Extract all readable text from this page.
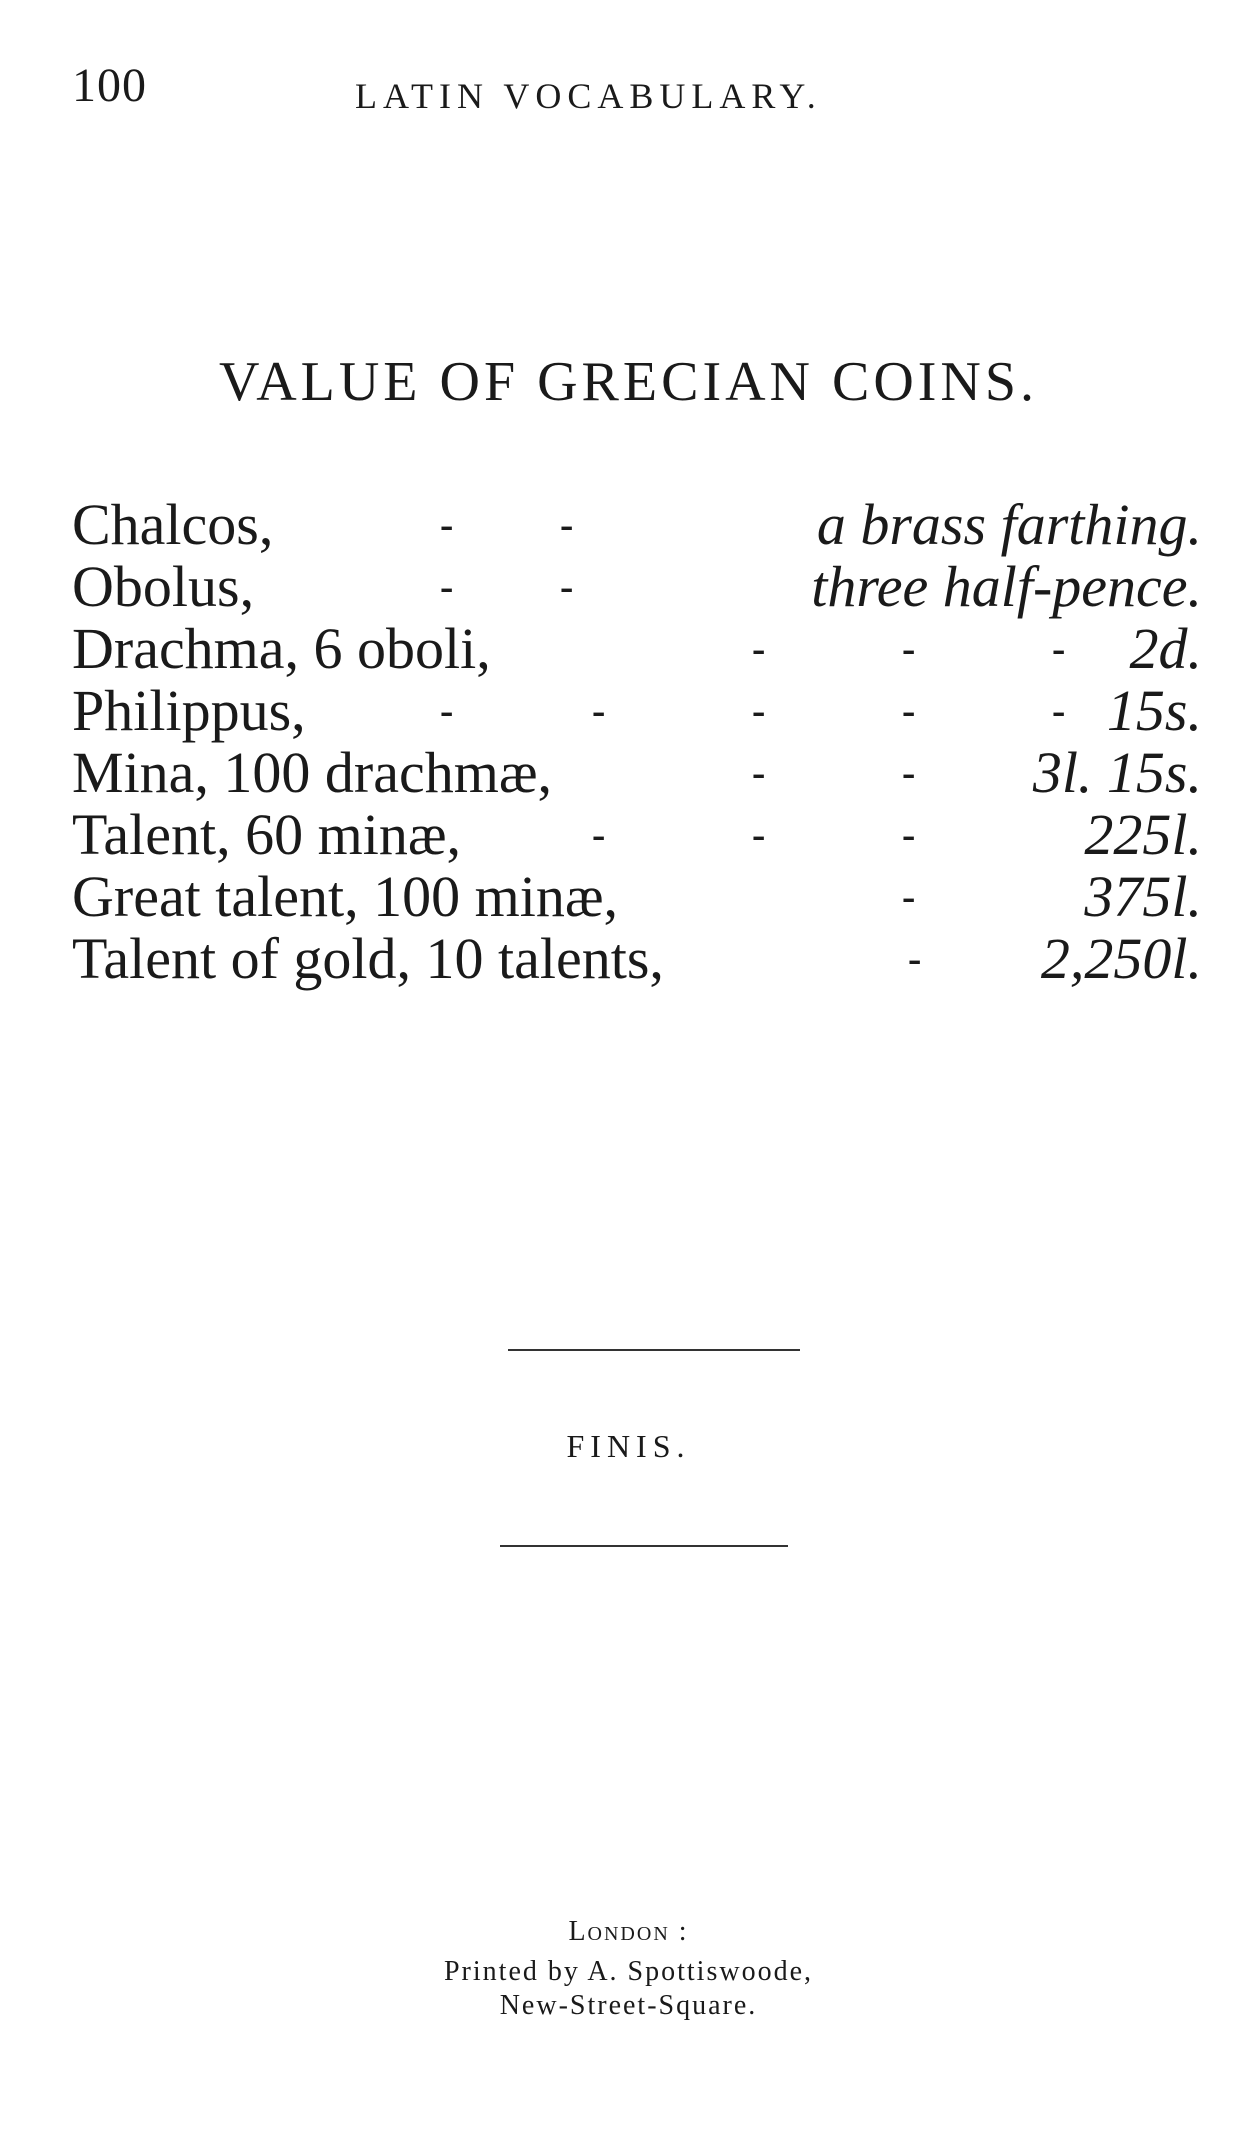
100	LATIN VOCABULARY.
VALUE OF GRECIAN COINS.
Chalcos,	-	-	a brass farthing.
Obolus,	-	-	three half-pence.
Drachma, 6 oboli,	-	-	- 2d.
Philippus,	-	-	-	-	- 15s.
Mina, 100 drachmæ,	-	- 3l. 15s.
Talent, 60 minæ,	-	-	-	225l.
Great talent, 100 minæ,	-	375l.
Talent of gold, 10 talents,	- 2,250l.
FINIS.
London :
Printed by A. Spottiswoode,
New-Street-Square.
